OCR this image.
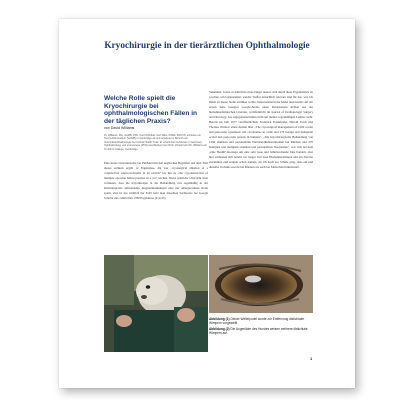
Kryochirurgie in der tierärztlichen Ophthalmologie

Welche Rolle spielt die Kryochirurgie bei ophthalmologischen Fällen in der täglichen Praxis?

von David Williams
Dr. Williams, MA, VetMB, PhD, CertVOphthal, Cert WEL, FHEA, FRCVS, schlosss ein Tiermedizinstudium (VetMB) in Cambridge ab und arbeitete im Bereich der Veterinärophthalmologie bei Animal Health Trust. Er erhielt das Certificate in Veterinary Ophthalmology und promovierte (PhD) anschließend am RVC. Zurzeit lehrt Dr. Williams am St John's College, Cambridge.

Eine kurze Literatursuche bei PubMed mit den englischen Begriffen aus dem Titel dieses Artikels ergibt 12 Ergebnisse, die von „cryosurgical ablation of a conjunctival adenocarcinoma in an ostrich" bis hin zu „the cryodestruction of multiple apocrine hidrocystomas in a cat" reichen. Diese spärliche Übersicht lässt vermuten, dass die Kryotherapie in der Behandlung von regelmäßig in der Kleintierpraxis auftretenden Augenerkrankungen eine nur untergeordnete Rolle spielt, aber ist das wirklich der Fall? Gibt man dieselben Suchworte bei Google Scholar ein, erhält man 1780 Ergebnisse (n=0,35)

Sekunden, wobei es natürlich etwas länger dauert, sich durch diese Ergebnisliste zu scrollen, um festzustellen, welche Treffer tatsächlich relevant sind für das, was ich Ihnen an dieser Stelle erzählen wollte. Interessanterweise findet man bereits auf der ersten Seite besagter Google-Suche einen Rezensenten Artikel aus der humanmedizinischen Literatur, veröffentlicht im Journal of Dermatologic Surgery and Oncology, das zugegebenermaßen nicht auf meiner regelmäßigen Lesliste steht. Bereits im Jahr 1977 veröffentlichten Frederick Fraunfelder, Harold Farris und Thomas Wallace einen Artikel über „The cryosurgical management of 1200 ocular and periocular squamous cell carcinomas in cattle and 270 benign and malignant ocular and periocular lesions in humans". „Die kryochirurgische Behandlung von 1200 okulären und periokulären Plattenepithelkarzinomen bei Rindern und 270 benignen und malignen okulären und periokulären Neoplasien", was sich bei dem „One Health"-Konzept um eine sehr neue und bahnbrechende Idee handelt, aber hier schliessen sich bereits vor langer Zeit zwei Humanmedizinern und ein Tierarzt zusammen und zeigten schon damals, als ich noch zur Schule ging, dass ein und dieselbe Technik sowohl bei Rindern als auch bei Menschen funktioniert.

Abbildung (1) Dieser Wellelpudel wurde zur Entfernung distichialer Wimpern vorgestellt

Abbildung (2) Die Augenlider des Hundes weisen mehrere distichiale Wimpern auf.

1
